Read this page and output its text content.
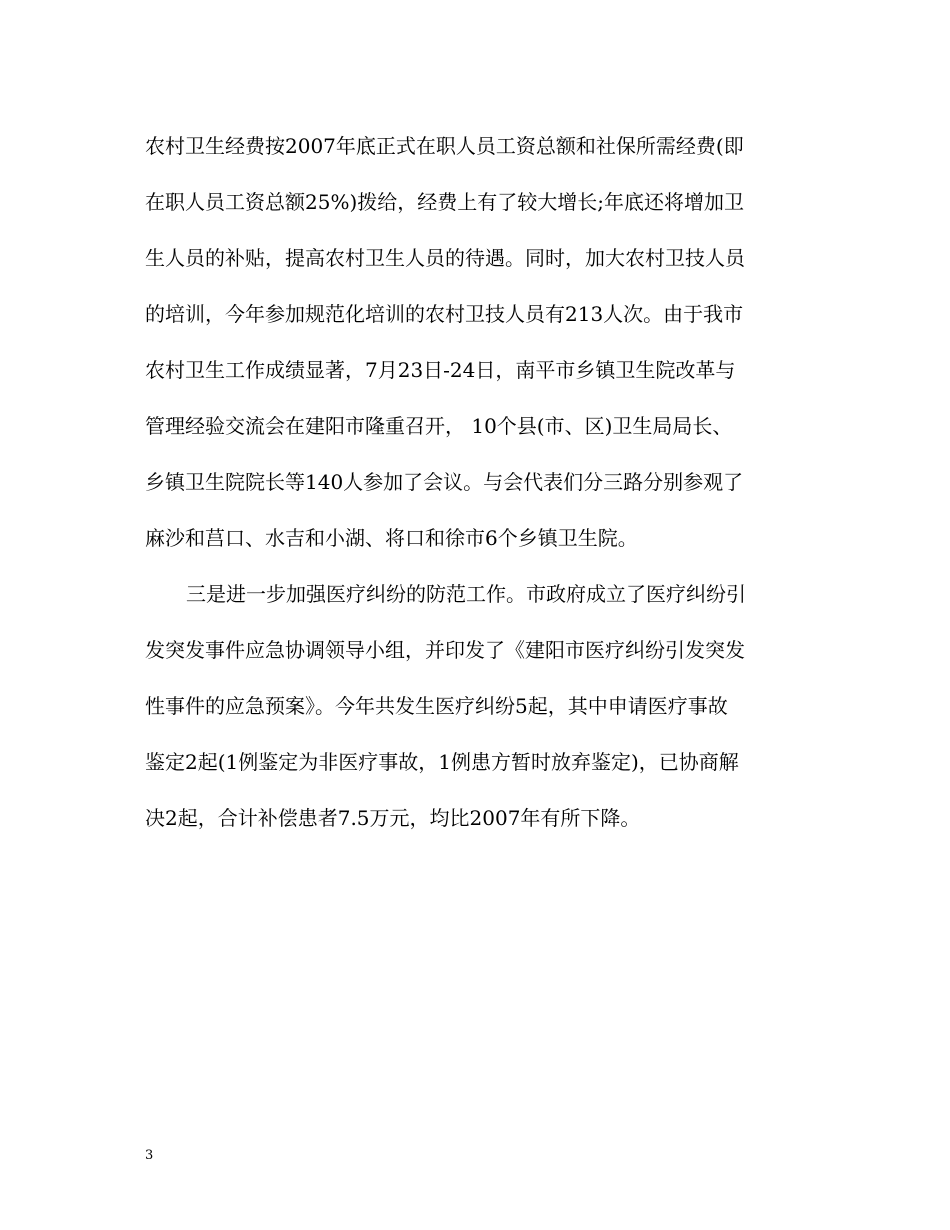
农村卫生经费按2007年底正式在职人员工资总额和社保所需经费(即
在职人员工资总额25%)拨给，经费上有了较大增长;年底还将增加卫
生人员的补贴，提高农村卫生人员的待遇。同时，加大农村卫技人员
的培训，今年参加规范化培训的农村卫技人员有213人次。由于我市
农村卫生工作成绩显著，7月23日-24日，南平市乡镇卫生院改革与
管理经验交流会在建阳市隆重召开， 10个县(市、区)卫生局局长、
乡镇卫生院院长等140人参加了会议。与会代表们分三路分别参观了
麻沙和莒口、水吉和小湖、将口和徐市6个乡镇卫生院。
三是进一步加强医疗纠纷的防范工作。市政府成立了医疗纠纷引
发突发事件应急协调领导小组，并印发了《建阳市医疗纠纷引发突发
性事件的应急预案》。今年共发生医疗纠纷5起，其中申请医疗事故
鉴定2起(1例鉴定为非医疗事故，1例患方暂时放弃鉴定)，已协商解
决2起，合计补偿患者7.5万元，均比2007年有所下降。
3
